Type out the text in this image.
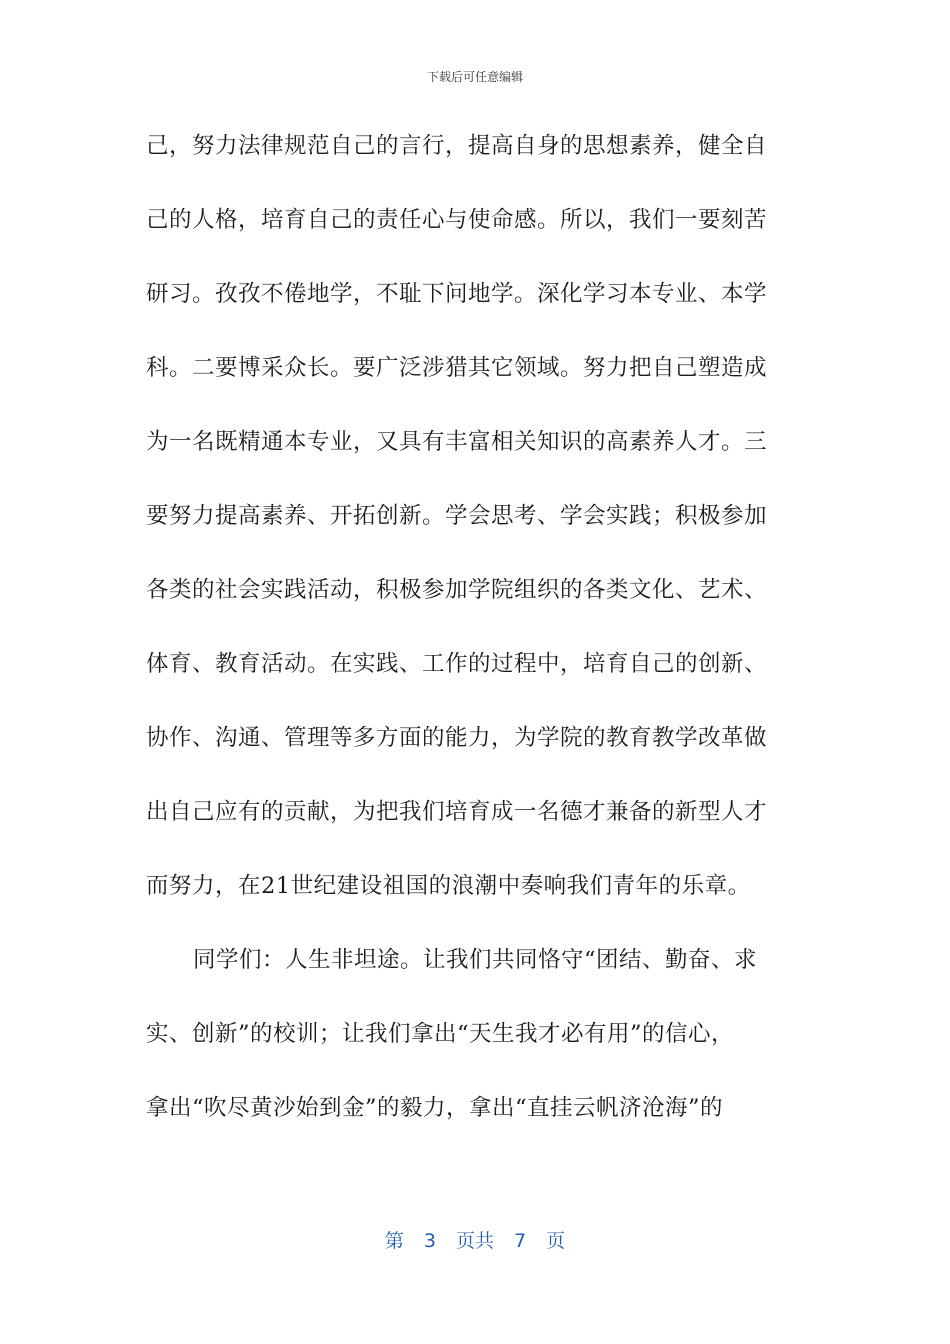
下载后可任意编辑
己，努力法律规范自己的言行，提高自身的思想素养，健全自
己的人格，培育自己的责任心与使命感。所以，我们一要刻苦
研习。孜孜不倦地学，不耻下问地学。深化学习本专业、本学
科。二要博采众长。要广泛涉猎其它领域。努力把自己塑造成
为一名既精通本专业，又具有丰富相关知识的高素养人才。三
要努力提高素养、开拓创新。学会思考、学会实践；积极参加
各类的社会实践活动，积极参加学院组织的各类文化、艺术、
体育、教育活动。在实践、工作的过程中，培育自己的创新、
协作、沟通、管理等多方面的能力，为学院的教育教学改革做
出自己应有的贡献，为把我们培育成一名德才兼备的新型人才
而努力，在21世纪建设祖国的浪潮中奏响我们青年的乐章。
同学们：人生非坦途。让我们共同恪守“团结、勤奋、求
实、创新”的校训；让我们拿出“天生我才必有用”的信心，
拿出“吹尽黄沙始到金”的毅力，拿出“直挂云帆济沧海”的
第 3 页共 7 页
